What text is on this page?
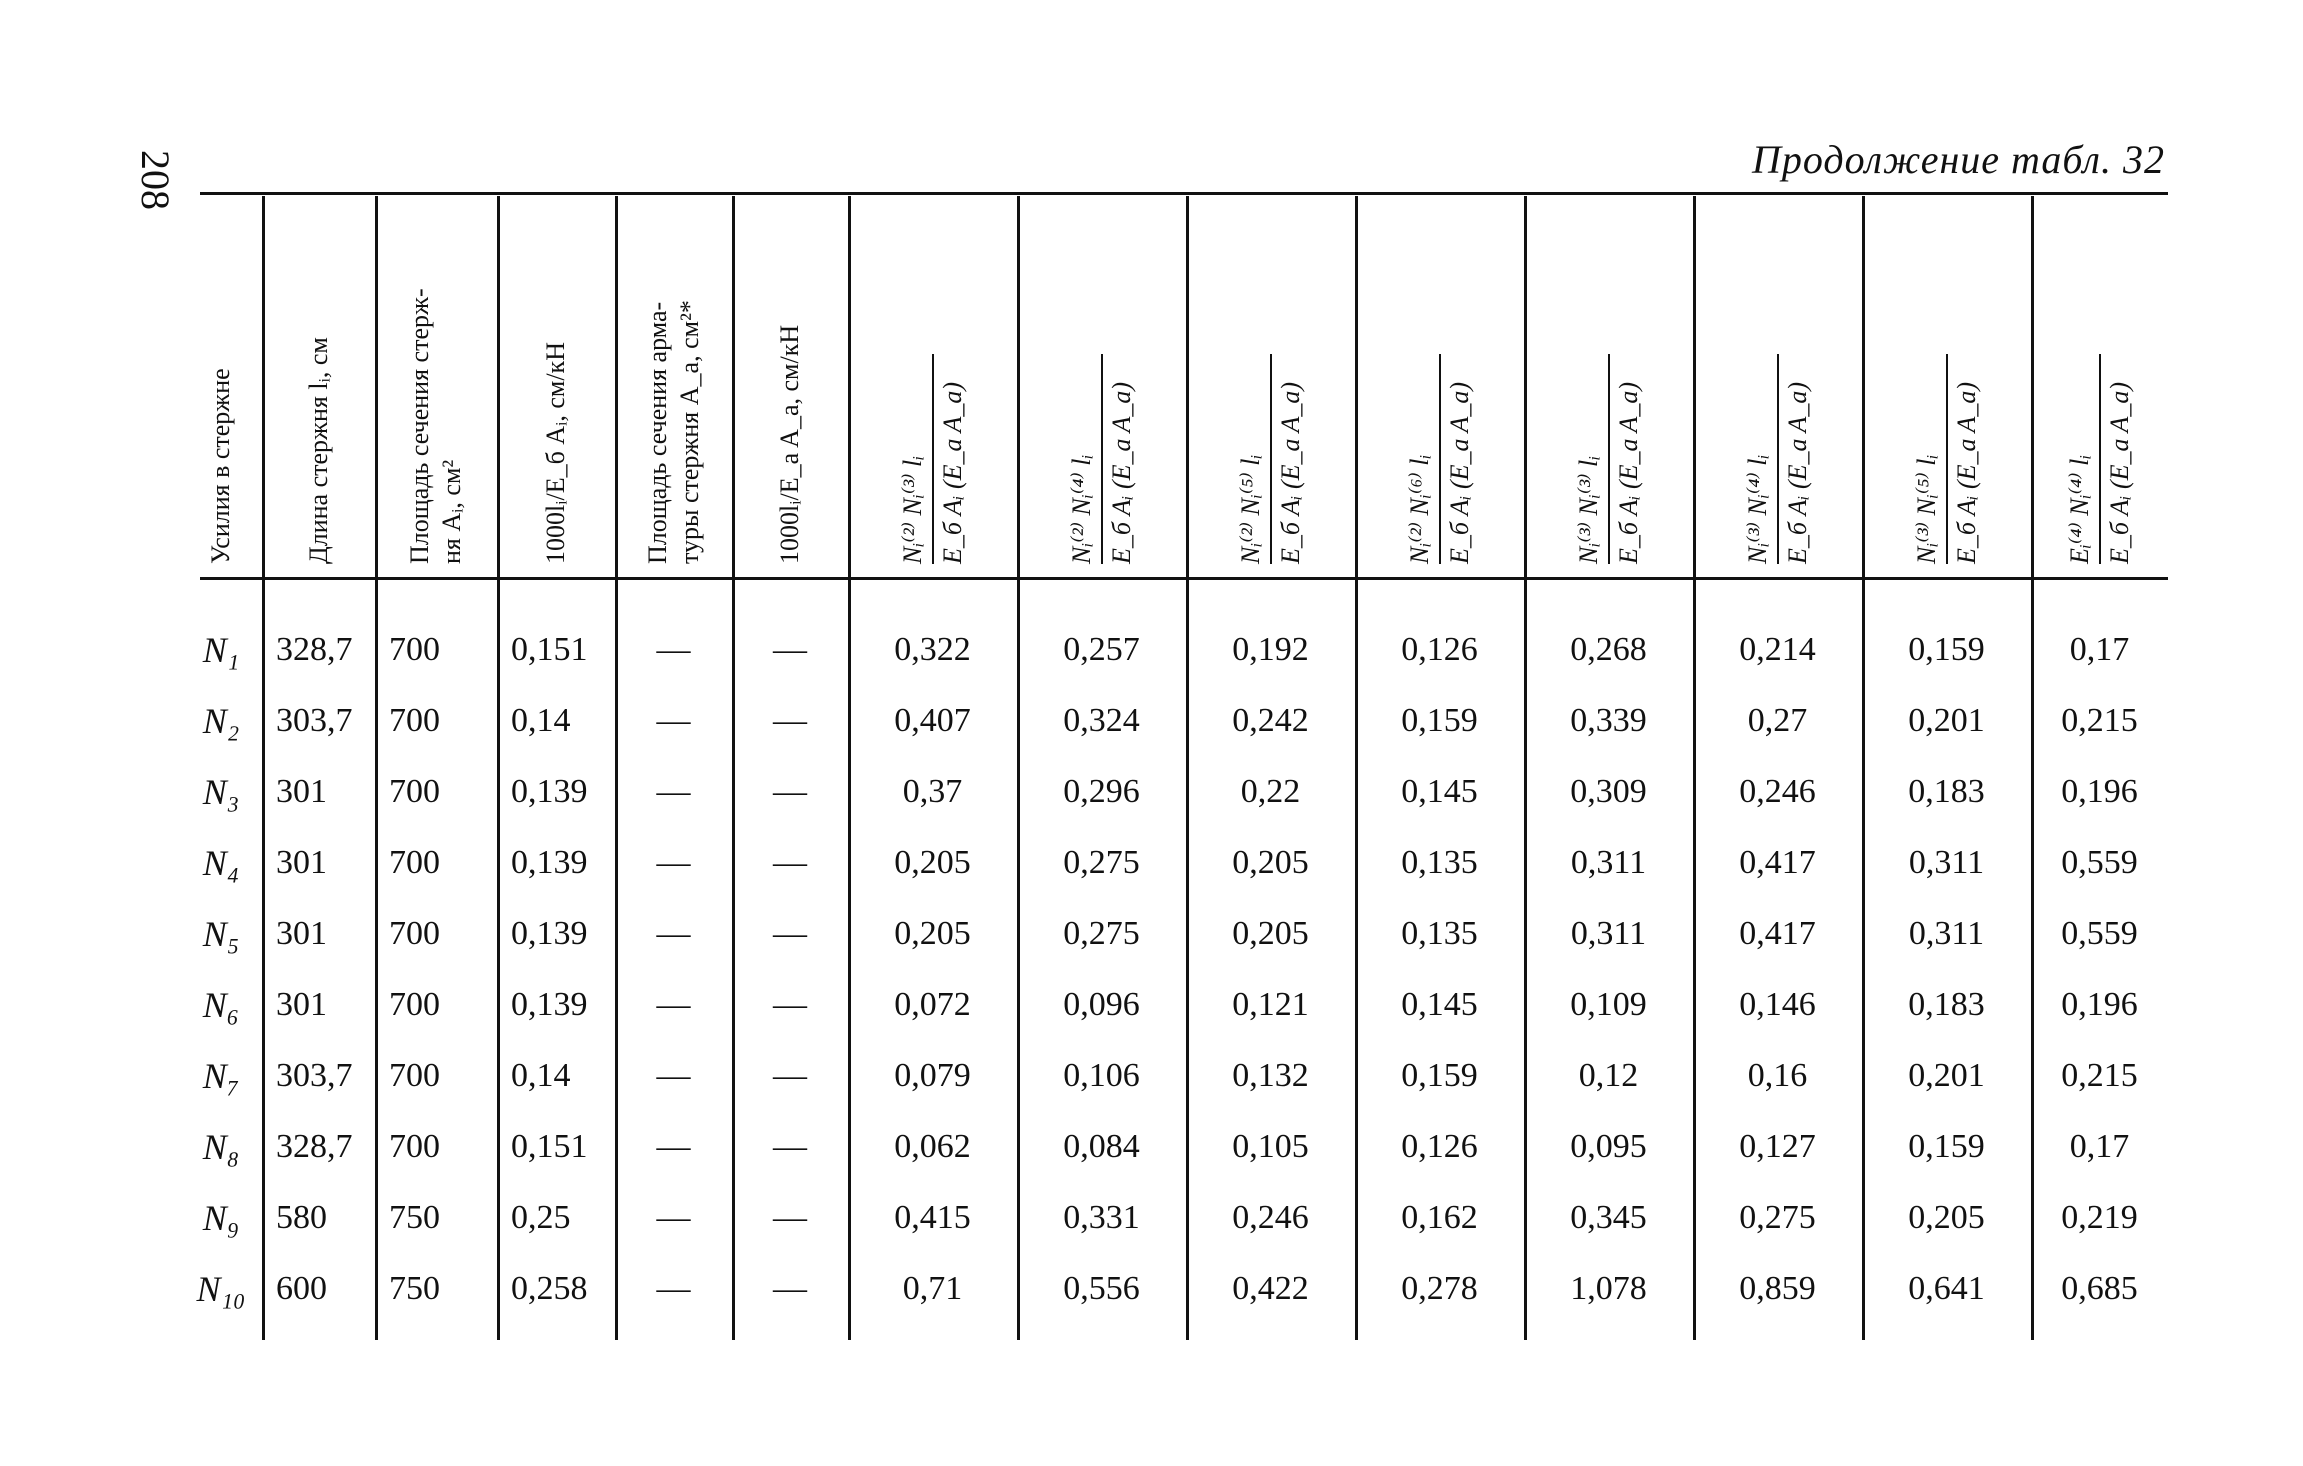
208	Продолжение табл. 32
Усилия в стержне	Длина стержня lᵢ, см	Площадь сечения стерж- ня Aᵢ, см²	1000lᵢ/E_б Aᵢ, см/кН	Площадь сечения арма- туры стержня A_a, см²*	1000lᵢ/E_a A_a, см/кН	Nᵢ⁽²⁾ Nᵢ⁽³⁾ lᵢ E_б Aᵢ (E_a A_a)	Nᵢ⁽²⁾ Nᵢ⁽⁴⁾ lᵢ E_б Aᵢ (E_a A_a)	Nᵢ⁽²⁾ Nᵢ⁽⁵⁾ lᵢ E_б Aᵢ (E_a A_a)	Nᵢ⁽²⁾ Nᵢ⁽⁶⁾ lᵢ E_б Aᵢ (E_a A_a)	Nᵢ⁽³⁾ Nᵢ⁽³⁾ lᵢ E_б Aᵢ (E_a A_a)	Nᵢ⁽³⁾ Nᵢ⁽⁴⁾ lᵢ E_б Aᵢ (E_a A_a)	Nᵢ⁽³⁾ Nᵢ⁽⁵⁾ lᵢ E_б Aᵢ (E_a A_a)	Eᵢ⁽⁴⁾ Nᵢ⁽⁴⁾ lᵢ E_б Aᵢ (E_a A_a)
N₁	328,7	700	0,151	—	—	0,322	0,257	0,192	0,126	0,268	0,214	0,159	0,17
N₂	303,7	700	0,14	—	—	0,407	0,324	0,242	0,159	0,339	0,27	0,201	0,215
N₃	301	700	0,139	—	—	0,37	0,296	0,22	0,145	0,309	0,246	0,183	0,196
N₄	301	700	0,139	—	—	0,205	0,275	0,205	0,135	0,311	0,417	0,311	0,559
N₅	301	700	0,139	—	—	0,205	0,275	0,205	0,135	0,311	0,417	0,311	0,559
N₆	301	700	0,139	—	—	0,072	0,096	0,121	0,145	0,109	0,146	0,183	0,196
N₇	303,7	700	0,14	—	—	0,079	0,106	0,132	0,159	0,12	0,16	0,201	0,215
N₈	328,7	700	0,151	—	—	0,062	0,084	0,105	0,126	0,095	0,127	0,159	0,17
N₉	580	750	0,25	—	—	0,415	0,331	0,246	0,162	0,345	0,275	0,205	0,219
N₁₀ 600	750	0,258	—	—	0,71	0,556	0,422	0,278	1,078	0,859	0,641	0,685
